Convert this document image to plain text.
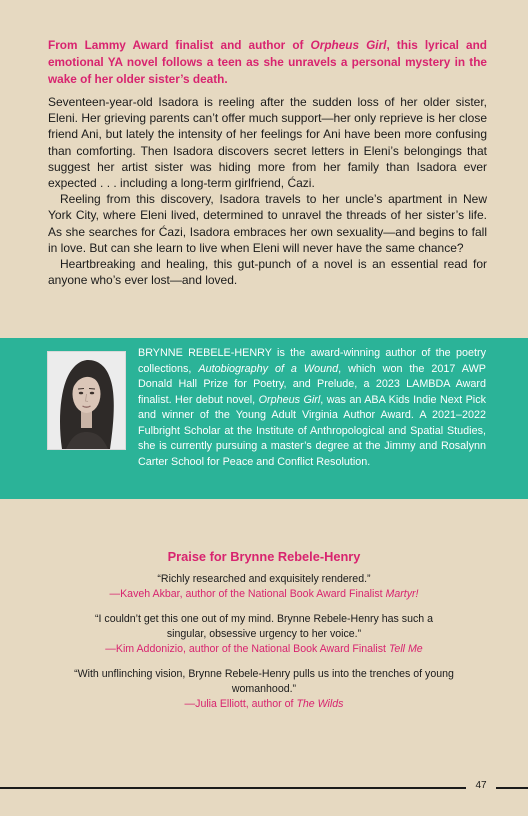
From Lammy Award finalist and author of Orpheus Girl, this lyrical and emotional YA novel follows a teen as she unravels a personal mystery in the wake of her older sister’s death.

Seventeen-year-old Isadora is reeling after the sudden loss of her older sister, Eleni. Her grieving parents can’t offer much support—her only reprieve is her close friend Ani, but lately the intensity of her feelings for Ani have been more confusing than comforting. Then Isadora discovers secret letters in Eleni’s belongings that suggest her artist sister was hiding more from her family than Isadora ever expected . . . including a long-term girlfriend, Ćazi.

Reeling from this discovery, Isadora travels to her uncle’s apartment in New York City, where Eleni lived, determined to unravel the threads of her sister’s life. As she searches for Ćazi, Isadora embraces her own sexuality—and begins to fall in love. But can she learn to live when Eleni will never have the same chance?

Heartbreaking and healing, this gut-punch of a novel is an essential read for anyone who’s ever lost—and loved.

BRYNNE REBELE-HENRY is the award-winning author of the poetry collections, Autobiography of a Wound, which won the 2017 AWP Donald Hall Prize for Poetry, and Prelude, a 2023 LAMBDA Award finalist. Her debut novel, Orpheus Girl, was an ABA Kids Indie Next Pick and winner of the Young Adult Virginia Author Award. A 2021–2022 Fulbright Scholar at the Institute of Anthropological and Spatial Studies, she is currently pursuing a master’s degree at the Jimmy and Rosalynn Carter School for Peace and Conflict Resolution.

Praise for Brynne Rebele-Henry

“Richly researched and exquisitely rendered.”

—Kaveh Akbar, author of the National Book Award Finalist Martyr!

“I couldn’t get this one out of my mind. Brynne Rebele-Henry has such a singular, obsessive urgency to her voice.”

—Kim Addonizio, author of the National Book Award Finalist Tell Me

“With unflinching vision, Brynne Rebele-Henry pulls us into the trenches of young womanhood.”

—Julia Elliott, author of The Wilds

47
